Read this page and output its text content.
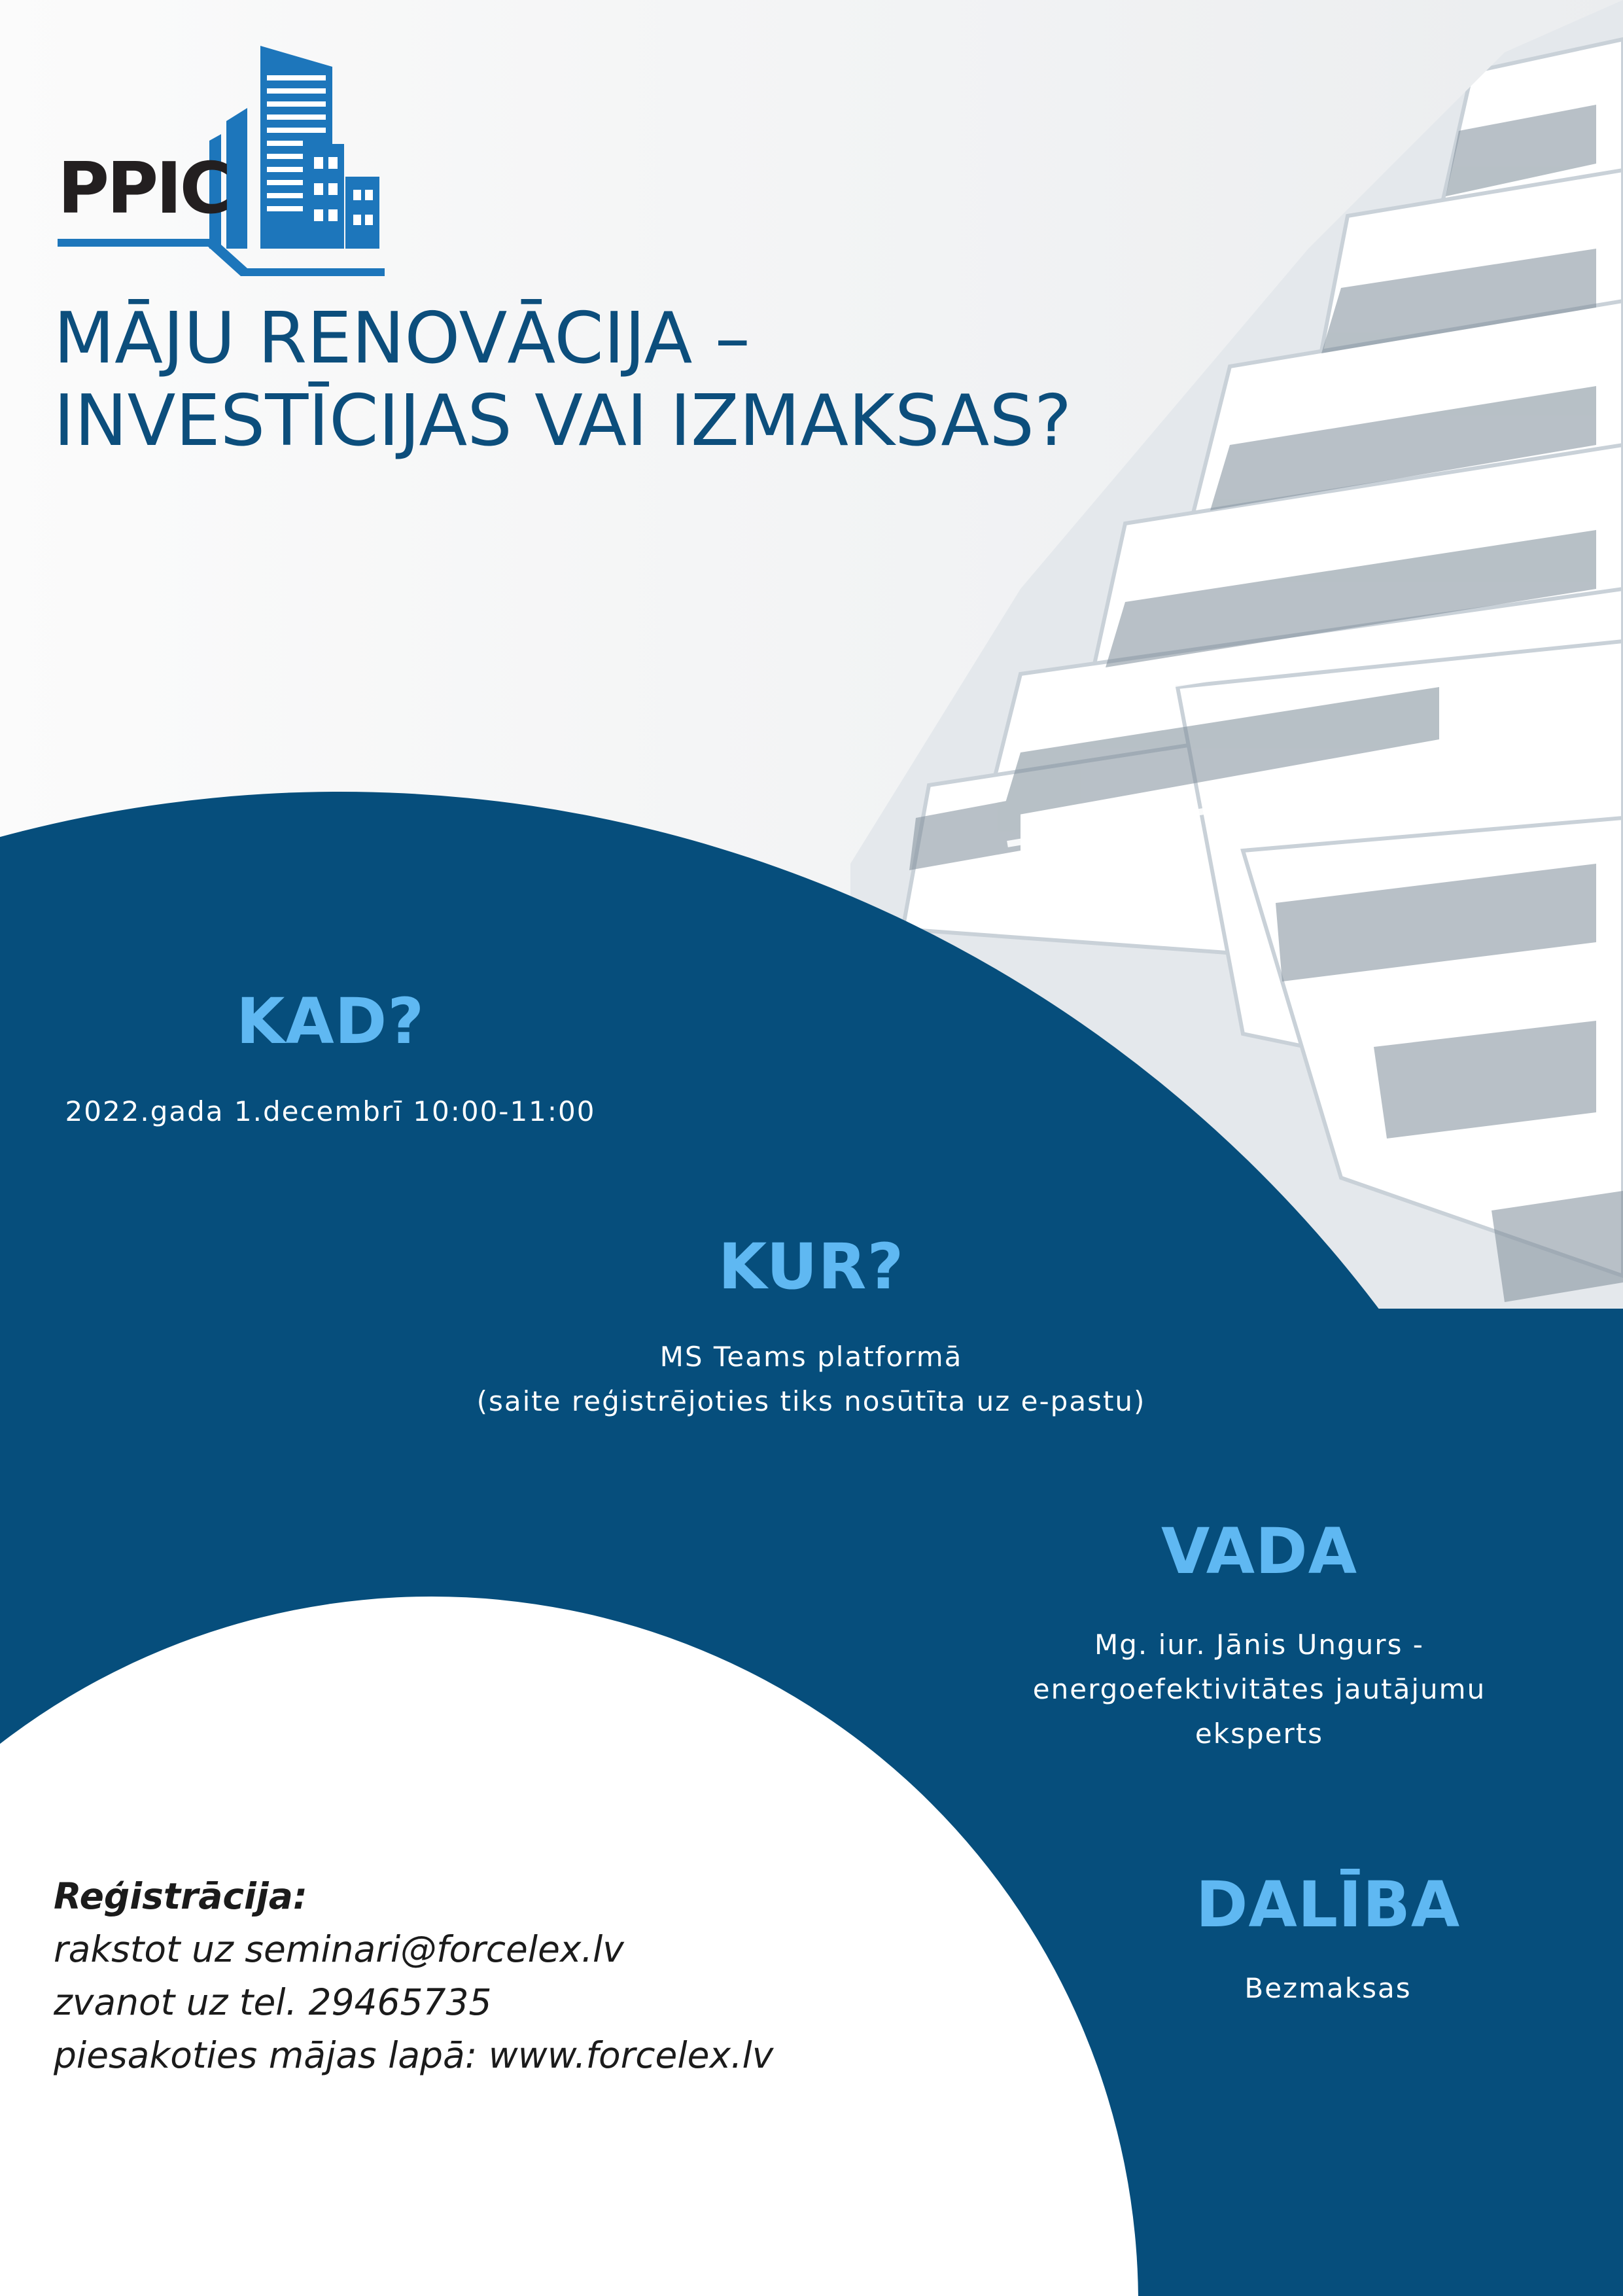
PPIC
MĀJU RENOVĀCIJA –
INVESTĪCIJAS VAI IZMAKSAS?
KAD?
2022.gada 1.decembrī 10:00-11:00
KUR?
MS Teams platformā
(saite reģistrējoties tiks nosūtīta uz e-pastu)
VADA
Mg. iur. Jānis Ungurs -
energoefektivitātes jautājumu
eksperts
DALĪBA
Bezmaksas
Reģistrācija:
rakstot uz seminari@forcelex.lv
zvanot uz tel. 29465735
piesakoties mājas lapā: www.forcelex.lv
